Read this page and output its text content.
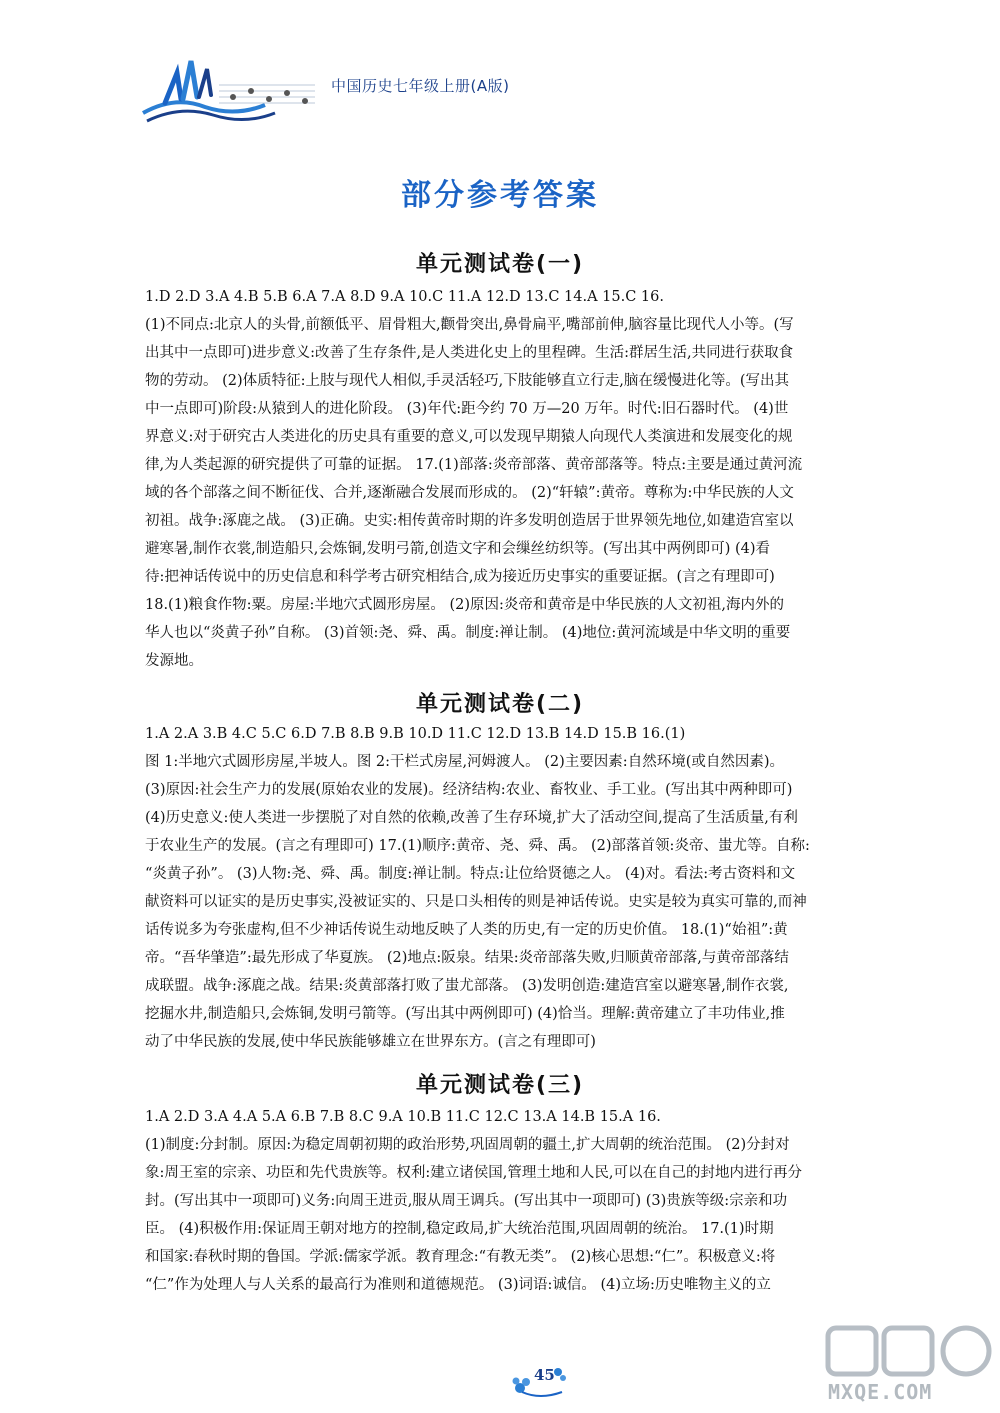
中国历史七年级上册(A版)
部分参考答案
单元测试卷(一)
1.D 2.D 3.A 4.B 5.B 6.A 7.A 8.D 9.A 10.C 11.A 12.D 13.C 14.A 15.C 16.
(1)不同点:北京人的头骨,前额低平、眉骨粗大,颧骨突出,鼻骨扁平,嘴部前伸,脑容量比现代人小等。(写
出其中一点即可)进步意义:改善了生存条件,是人类进化史上的里程碑。生活:群居生活,共同进行获取食
物的劳动。 (2)体质特征:上肢与现代人相似,手灵活轻巧,下肢能够直立行走,脑在缓慢进化等。(写出其
中一点即可)阶段:从猿到人的进化阶段。 (3)年代:距今约 70 万—20 万年。时代:旧石器时代。 (4)世
界意义:对于研究古人类进化的历史具有重要的意义,可以发现早期猿人向现代人类演进和发展变化的规
律,为人类起源的研究提供了可靠的证据。 17.(1)部落:炎帝部落、黄帝部落等。特点:主要是通过黄河流
域的各个部落之间不断征伐、合并,逐渐融合发展而形成的。 (2)“轩辕”:黄帝。尊称为:中华民族的人文
初祖。战争:涿鹿之战。 (3)正确。史实:相传黄帝时期的许多发明创造居于世界领先地位,如建造宫室以
避寒暑,制作衣裳,制造船只,会炼铜,发明弓箭,创造文字和会缫丝纺织等。(写出其中两例即可) (4)看
待:把神话传说中的历史信息和科学考古研究相结合,成为接近历史事实的重要证据。(言之有理即可)
18.(1)粮食作物:粟。房屋:半地穴式圆形房屋。 (2)原因:炎帝和黄帝是中华民族的人文初祖,海内外的
华人也以“炎黄子孙”自称。 (3)首领:尧、舜、禹。制度:禅让制。 (4)地位:黄河流域是中华文明的重要
发源地。
单元测试卷(二)
1.A 2.A 3.B 4.C 5.C 6.D 7.B 8.B 9.B 10.D 11.C 12.D 13.B 14.D 15.B 16.(1)
图 1:半地穴式圆形房屋,半坡人。图 2:干栏式房屋,河姆渡人。 (2)主要因素:自然环境(或自然因素)。
(3)原因:社会生产力的发展(原始农业的发展)。经济结构:农业、畜牧业、手工业。(写出其中两种即可)
(4)历史意义:使人类进一步摆脱了对自然的依赖,改善了生存环境,扩大了活动空间,提高了生活质量,有利
于农业生产的发展。(言之有理即可) 17.(1)顺序:黄帝、尧、舜、禹。 (2)部落首领:炎帝、蚩尤等。自称:
“炎黄子孙”。 (3)人物:尧、舜、禹。制度:禅让制。特点:让位给贤德之人。 (4)对。看法:考古资料和文
献资料可以证实的是历史事实,没被证实的、只是口头相传的则是神话传说。史实是较为真实可靠的,而神
话传说多为夸张虚构,但不少神话传说生动地反映了人类的历史,有一定的历史价值。 18.(1)“始祖”:黄
帝。“吾华肇造”:最先形成了华夏族。 (2)地点:阪泉。结果:炎帝部落失败,归顺黄帝部落,与黄帝部落结
成联盟。战争:涿鹿之战。结果:炎黄部落打败了蚩尤部落。 (3)发明创造:建造宫室以避寒暑,制作衣裳,
挖掘水井,制造船只,会炼铜,发明弓箭等。(写出其中两例即可) (4)恰当。理解:黄帝建立了丰功伟业,推
动了中华民族的发展,使中华民族能够雄立在世界东方。(言之有理即可)
单元测试卷(三)
1.A 2.D 3.A 4.A 5.A 6.B 7.B 8.C 9.A 10.B 11.C 12.C 13.A 14.B 15.A 16.
(1)制度:分封制。原因:为稳定周朝初期的政治形势,巩固周朝的疆土,扩大周朝的统治范围。 (2)分封对
象:周王室的宗亲、功臣和先代贵族等。权利:建立诸侯国,管理土地和人民,可以在自己的封地内进行再分
封。(写出其中一项即可)义务:向周王进贡,服从周王调兵。(写出其中一项即可) (3)贵族等级:宗亲和功
臣。 (4)积极作用:保证周王朝对地方的控制,稳定政局,扩大统治范围,巩固周朝的统治。 17.(1)时期
和国家:春秋时期的鲁国。学派:儒家学派。教育理念:“有教无类”。 (2)核心思想:“仁”。积极意义:将
“仁”作为处理人与人关系的最高行为准则和道德规范。 (3)词语:诚信。 (4)立场:历史唯物主义的立
45
MXQE.COM
